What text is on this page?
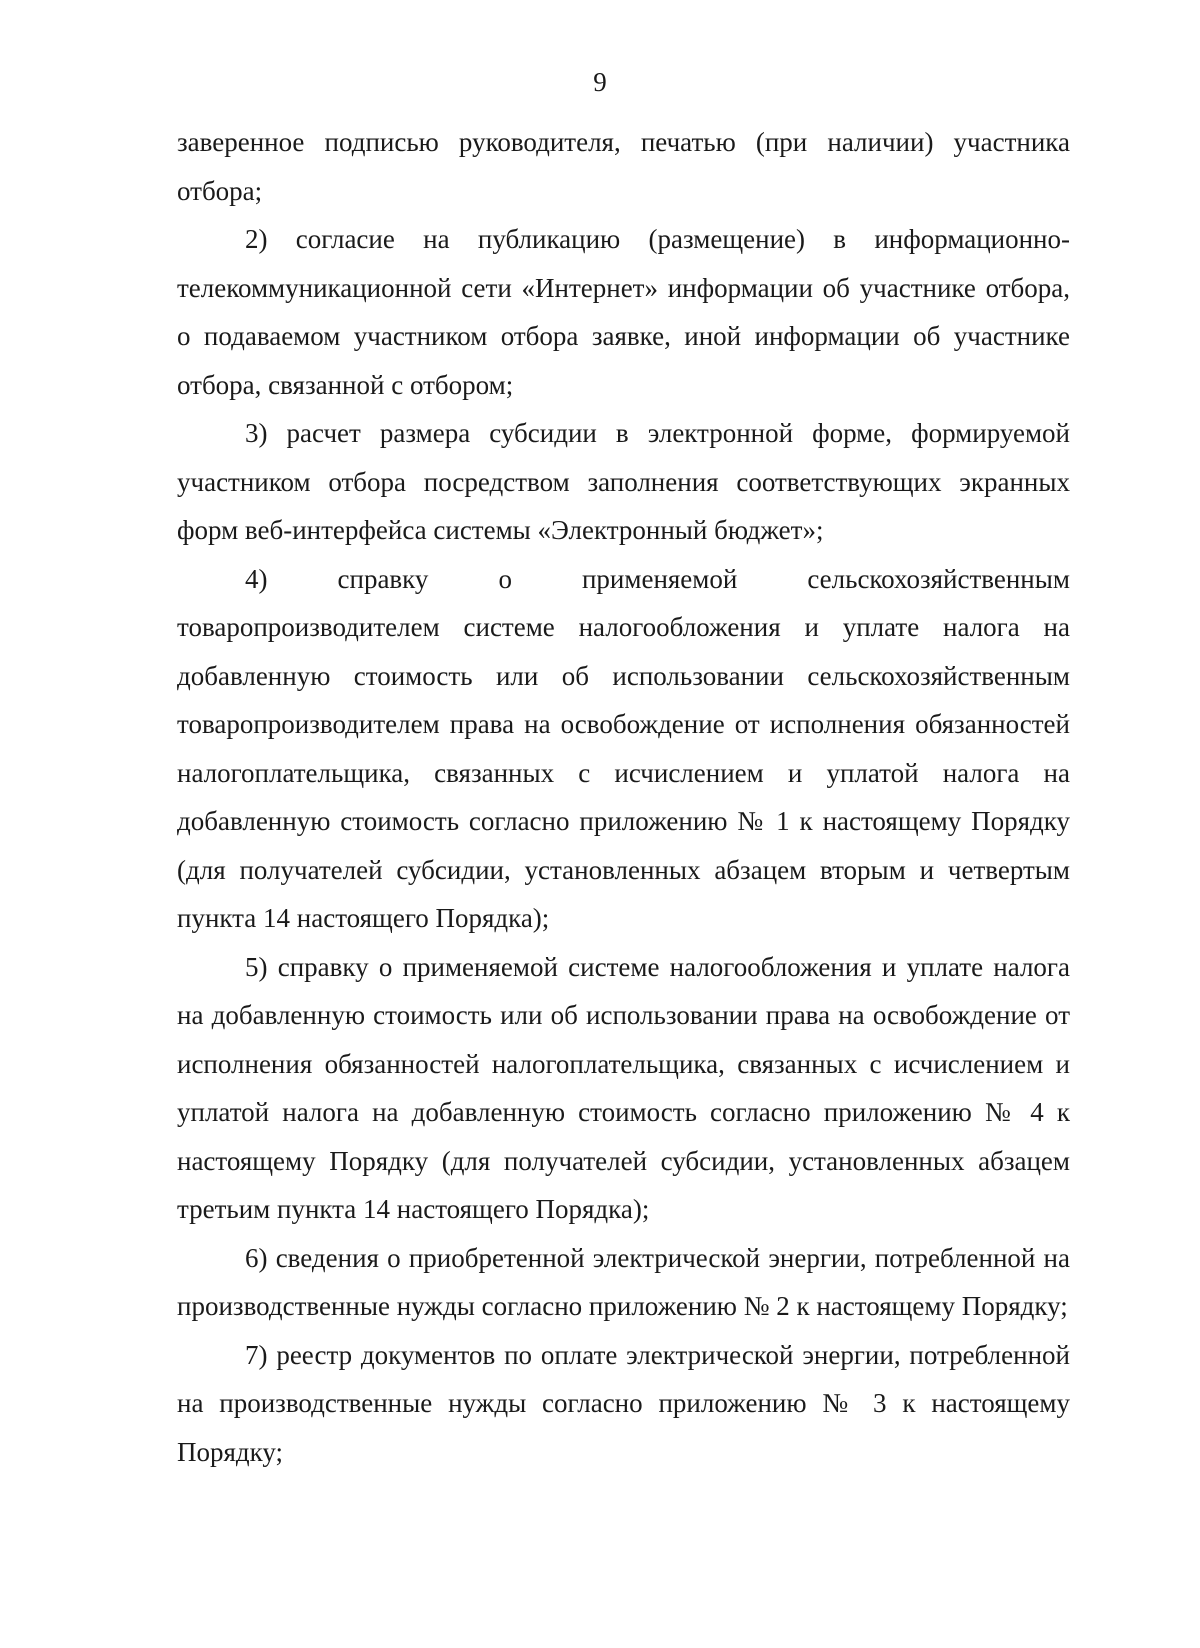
9

заверенное подписью руководителя, печатью (при наличии) участника отбора;

2) согласие на публикацию (размещение) в информационно-телекоммуникационной сети «Интернет» информации об участнике отбора, о подаваемом участником отбора заявке, иной информации об участнике отбора, связанной с отбором;

3) расчет размера субсидии в электронной форме, формируемой участником отбора посредством заполнения соответствующих экранных форм веб-интерфейса системы «Электронный бюджет»;

4) справку о применяемой сельскохозяйственным товаропроизводителем системе налогообложения и уплате налога на добавленную стоимость или об использовании сельскохозяйственным товаропроизводителем права на освобождение от исполнения обязанностей налогоплательщика, связанных с исчислением и уплатой налога на добавленную стоимость согласно приложению № 1 к настоящему Порядку (для получателей субсидии, установленных абзацем вторым и четвертым пункта 14 настоящего Порядка);

5) справку о применяемой системе налогообложения и уплате налога на добавленную стоимость или об использовании права на освобождение от исполнения обязанностей налогоплательщика, связанных с исчислением и уплатой налога на добавленную стоимость согласно приложению № 4 к настоящему Порядку (для получателей субсидии, установленных абзацем третьим пункта 14 настоящего Порядка);

6) сведения о приобретенной электрической энергии, потребленной на производственные нужды согласно приложению № 2 к настоящему Порядку;

7) реестр документов по оплате электрической энергии, потребленной на производственные нужды согласно приложению № 3 к настоящему Порядку;
